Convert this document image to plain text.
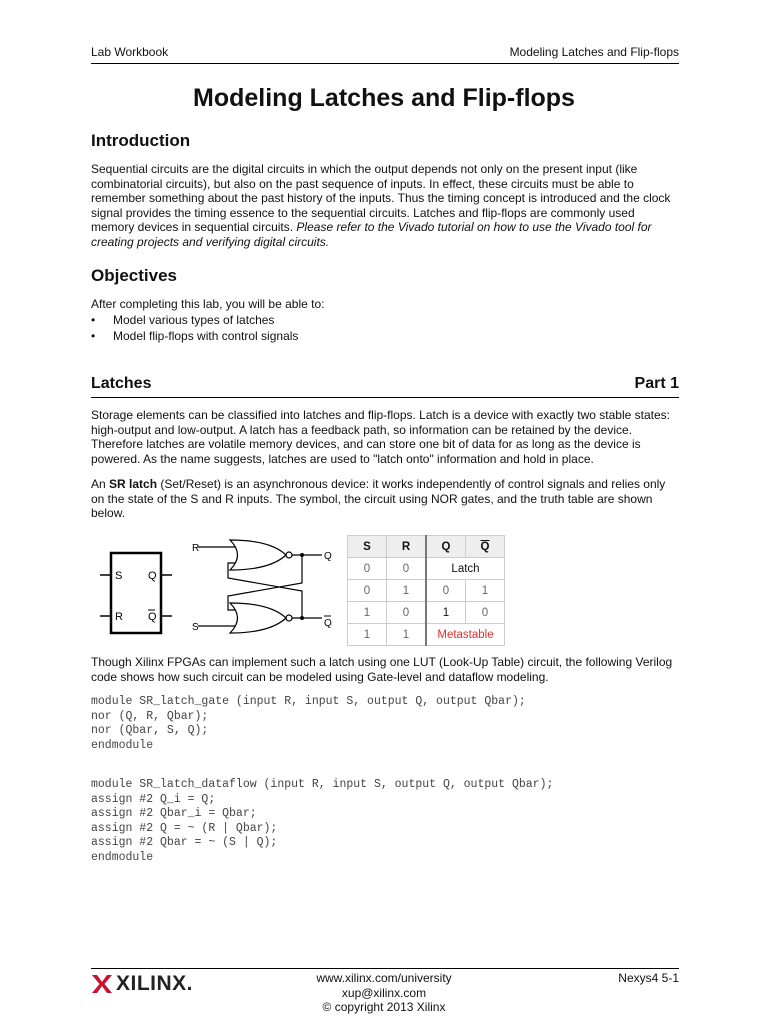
Lab Workbook	Modeling Latches and Flip-flops
Modeling Latches and Flip-flops
Introduction

Sequential circuits are the digital circuits in which the output depends not only on the present input (like combinatorial circuits), but also on the past sequence of inputs. In effect, these circuits must be able to remember something about the past history of the inputs. Thus the timing concept is introduced and the clock signal provides the timing essence to the sequential circuits. Latches and flip-flops are commonly used memory devices in sequential circuits. Please refer to the Vivado tutorial on how to use the Vivado tool for creating projects and verifying digital circuits.

Objectives

After completing this lab, you will be able to:

• Model various types of latches
• Model flip-flops with control signals
Latches	Part 1

Storage elements can be classified into latches and flip-flops. Latch is a device with exactly two stable states: high-output and low-output. A latch has a feedback path, so information can be retained by the device. Therefore latches are volatile memory devices, and can store one bit of data for as long as the device is powered. As the name suggests, latches are used to "latch onto" information and hold in place.

An SR latch (Set/Reset) is an asynchronous device: it works independently of control signals and relies only on the state of the S and R inputs. The symbol, the circuit using NOR gates, and the truth table are shown below.

S Q
R Q
R
S
Q
Q
S	R	Q	$\overline{Q}$
0	0	Latch	
0	1	0	1
1	0	1	0
1	1	Metastable	

Though Xilinx FPGAs can implement such a latch using one LUT (Look-Up Table) circuit, the following Verilog code shows how such circuit can be modeled using Gate-level and dataflow modeling.

module SR_latch_gate (input R, input S, output Q, output Qbar);
nor (Q, R, Qbar);
nor (Qbar, S, Q);
endmodule
module SR_latch_dataflow (input R, input S, output Q, output Qbar);
assign #2 Q_i = Q;
assign #2 Qbar_i = Qbar;
assign #2 Q = ~ (R | Qbar);
assign #2 Qbar = ~ (S | Q);
endmodule
XILINX.	www.xilinx.com/university
xup@xilinx.com
© copyright 2013 Xilinx
Nexys4 5-1
